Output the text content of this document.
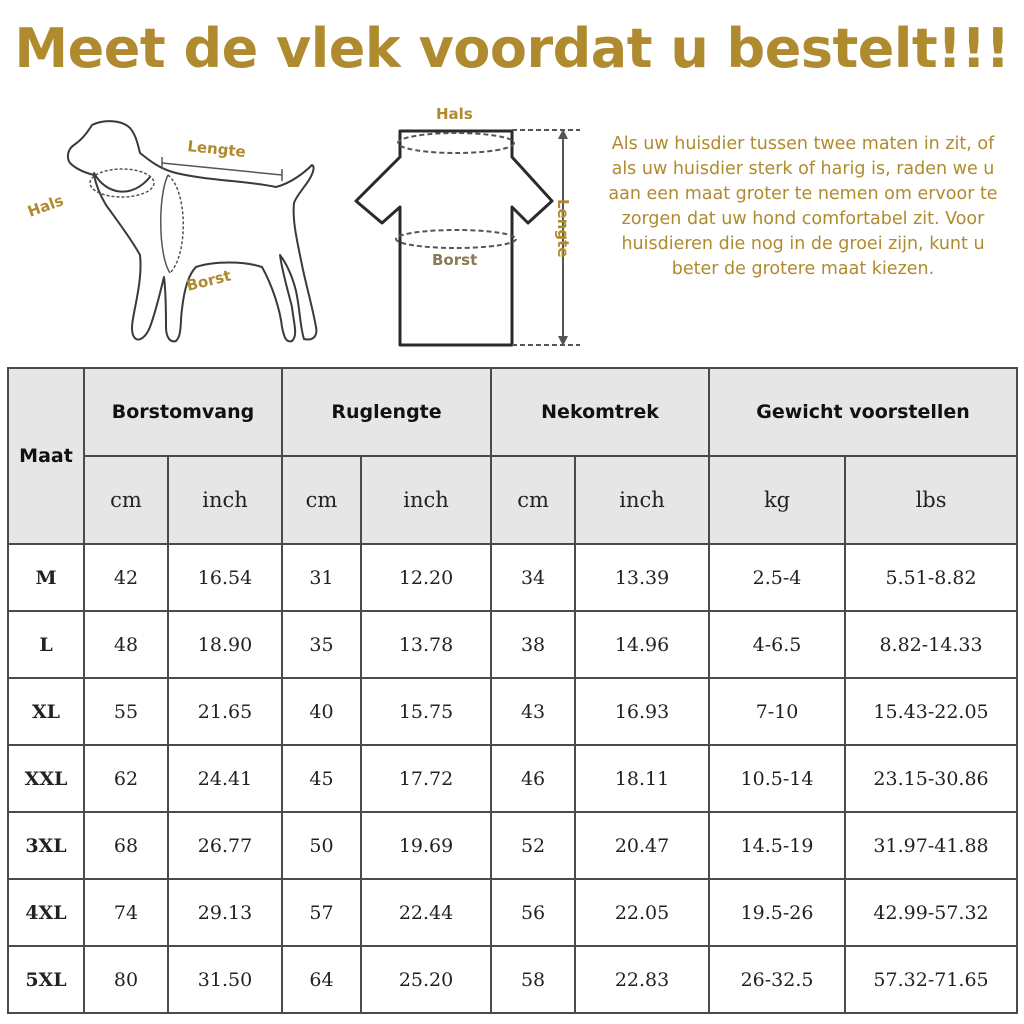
Meet de vlek voordat u bestelt!!!
Hals
Lengte
Borst
Hals
Borst
Lengte
Als uw huisdier tussen twee maten in zit, of als uw huisdier sterk of harig is, raden we u aan een maat groter te nemen om ervoor te zorgen dat uw hond comfortabel zit. Voor huisdieren die nog in de groei zijn, kunt u beter de grotere maat kiezen.
Maat	Borstomvang		Ruglengte		Nekomtrek		Gewicht voorstellen	
	cm	inch	cm	inch	cm	inch	kg	lbs
M	42	16.54	31	12.20	34	13.39	2.5-4	5.51-8.82
L	48	18.90	35	13.78	38	14.96	4-6.5	8.82-14.33
XL	55	21.65	40	15.75	43	16.93	7-10	15.43-22.05
XXL	62	24.41	45	17.72	46	18.11	10.5-14	23.15-30.86
3XL	68	26.77	50	19.69	52	20.47	14.5-19	31.97-41.88
4XL	74	29.13	57	22.44	56	22.05	19.5-26	42.99-57.32
5XL	80	31.50	64	25.20	58	22.83	26-32.5	57.32-71.65
